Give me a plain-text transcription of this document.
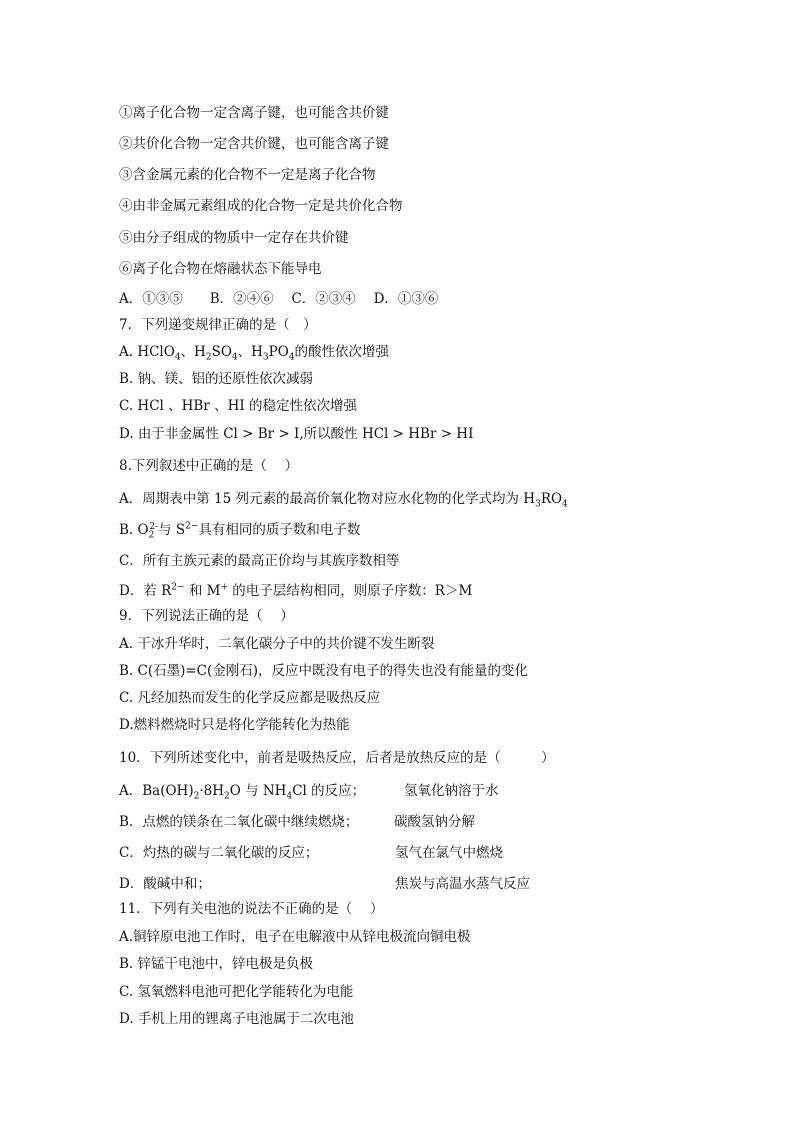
①离子化合物一定含离子键，也可能含共价键
②共价化合物一定含共价键，也可能含离子键
③含金属元素的化合物不一定是离子化合物
④由非金属元素组成的化合物一定是共价化合物
⑤由分子组成的物质中一定存在共价键
⑥离子化合物在熔融状态下能导电
A．①③⑤　　B．②④⑥　 C．②③④　 D．①③⑥
7．下列递变规律正确的是（　）
A. HClO$_4$、$H_2SO_4$、$H_3PO_4$的酸性依次增强
B. 钠、镁、铝的还原性依次减弱
C. HCl 、HBr 、HI 的稳定性依次增强
D. 由于非金属性 Cl > Br > I,所以酸性 HCl > HBr > HI
8.下列叙述中正确的是（　 ）
A．周期表中第 15 列元素的最高价氧化物对应水化物的化学式均为 $H_3RO_4$
B. $O_2^{2-}$与 $S^{2-}$具有相同的质子数和电子数
C．所有主族元素的最高正价均与其族序数相等
D．若 $R^{2-}$ 和 M+ 的电子层结构相同，则原子序数：R＞M
9．下列说法正确的是（　 ）
A. 干冰升华时，二氧化碳分子中的共价键不发生断裂
B. C(石墨)=C(金刚石)，反应中既没有电子的得失也没有能量的变化
C. 凡经加热而发生的化学反应都是吸热反应
D.燃料燃烧时只是将化学能转化为热能
10．下列所述变化中，前者是吸热反应，后者是放热反应的是（　　　）
A．$Ba(OH)_2\cdot 8H_2O$ 与 $NH_4Cl$ 的反应；	氢氧化钠溶于水
B．点燃的镁条在二氧化碳中继续燃烧；	碳酸氢钠分解
C．灼热的碳与二氧化碳的反应；	氢气在氯气中燃烧
D．酸碱中和；	焦炭与高温水蒸气反应
11．下列有关电池的说法不正确的是（　 ）
A.铜锌原电池工作时，电子在电解液中从锌电极流向铜电极
B. 锌锰干电池中，锌电极是负极
C. 氢氧燃料电池可把化学能转化为电能
D. 手机上用的锂离子电池属于二次电池
